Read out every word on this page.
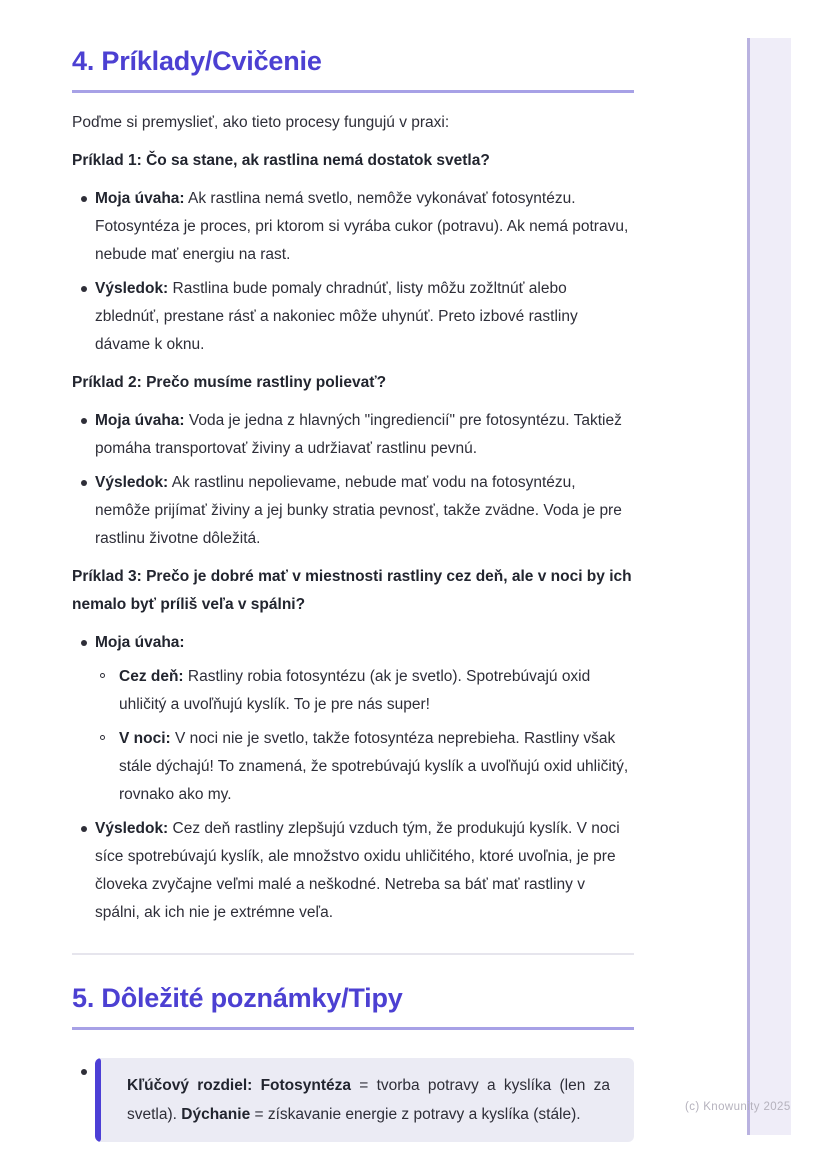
4. Príklady/Cvičenie

Poďme si premyslieť, ako tieto procesy fungujú v praxi:

Príklad 1: Čo sa stane, ak rastlina nemá dostatok svetla?

Moja úvaha: Ak rastlina nemá svetlo, nemôže vykonávať fotosyntézu. Fotosyntéza je proces, pri ktorom si vyrába cukor (potravu). Ak nemá potravu, nebude mať energiu na rast.
Výsledok: Rastlina bude pomaly chradnúť, listy môžu zožltnúť alebo zblednúť, prestane rásť a nakoniec môže uhynúť. Preto izbové rastliny dávame k oknu.

Príklad 2: Prečo musíme rastliny polievať?

Moja úvaha: Voda je jedna z hlavných "ingrediencií" pre fotosyntézu. Taktiež pomáha transportovať živiny a udržiavať rastlinu pevnú.
Výsledok: Ak rastlinu nepolievame, nebude mať vodu na fotosyntézu, nemôže prijímať živiny a jej bunky stratia pevnosť, takže zvädne. Voda je pre rastlinu životne dôležitá.

Príklad 3: Prečo je dobré mať v miestnosti rastliny cez deň, ale v noci by ich nemalo byť príliš veľa v spálni?

Moja úvaha:
Cez deň: Rastliny robia fotosyntézu (ak je svetlo). Spotrebúvajú oxid uhličitý a uvoľňujú kyslík. To je pre nás super!
V noci: V noci nie je svetlo, takže fotosyntéza neprebieha. Rastliny však stále dýchajú! To znamená, že spotrebúvajú kyslík a uvoľňujú oxid uhličitý, rovnako ako my.
Výsledok: Cez deň rastliny zlepšujú vzduch tým, že produkujú kyslík. V noci síce spotrebúvajú kyslík, ale množstvo oxidu uhličitého, ktoré uvoľnia, je pre človeka zvyčajne veľmi malé a neškodné. Netreba sa báť mať rastliny v spálni, ak ich nie je extrémne veľa.
5. Dôležité poznámky/Tipy

Kľúčový rozdiel: Fotosyntéza = tvorba potravy a kyslíka (len za svetla). Dýchanie = získavanie energie z potravy a kyslíka (stále).	(c) Knowunity 2025
